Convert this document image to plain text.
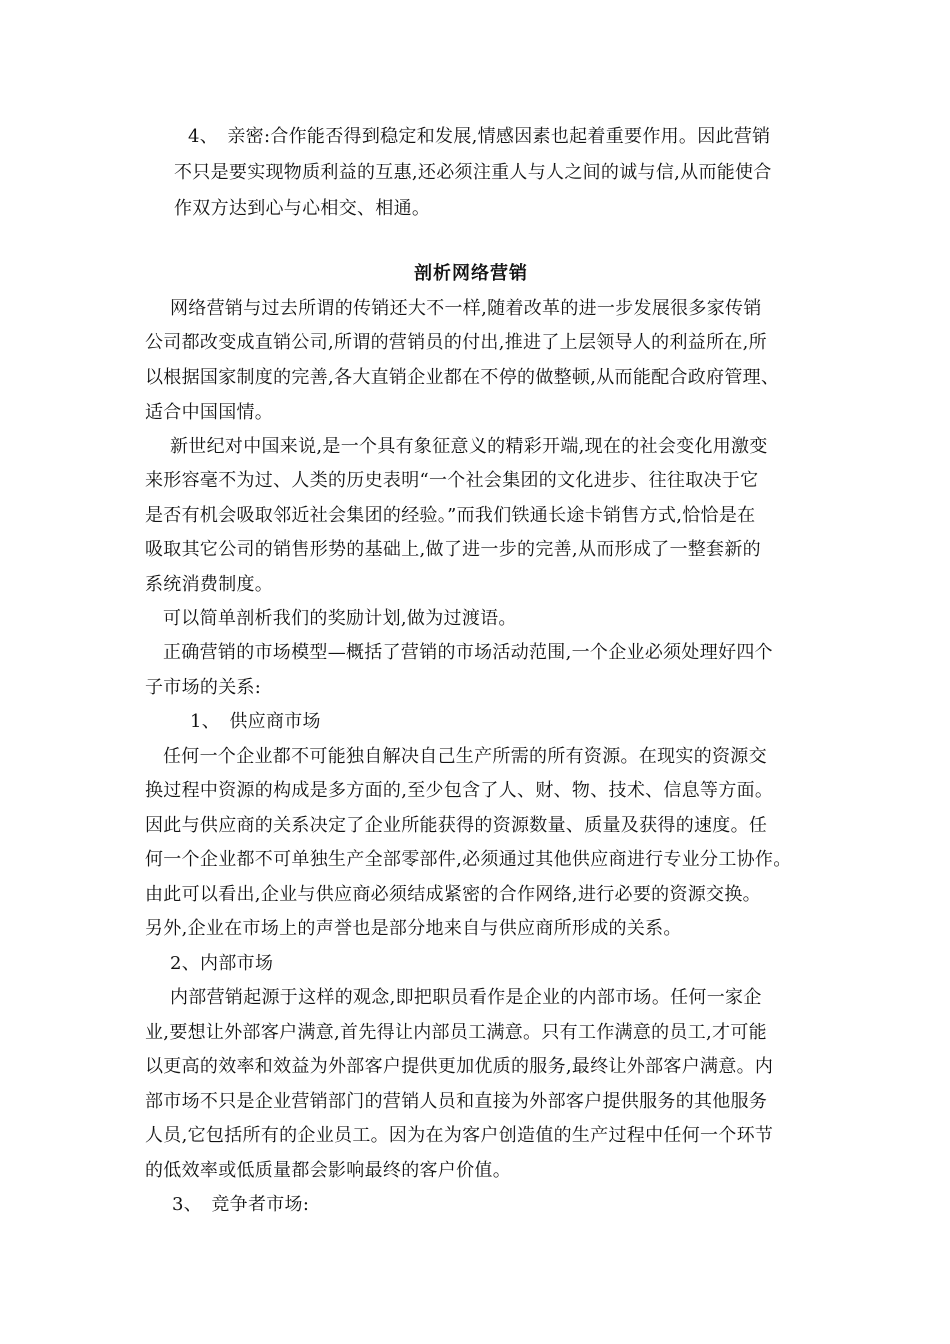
4、　亲密:合作能否得到稳定和发展,情感因素也起着重要作用。因此营销
不只是要实现物质利益的互惠,还必须注重人与人之间的诚与信,从而能使合
作双方达到心与心相交、相通。
剖析网络营销
网络营销与过去所谓的传销还大不一样,随着改革的进一步发展很多家传销
公司都改变成直销公司,所谓的营销员的付出,推进了上层领导人的利益所在,所
以根据国家制度的完善,各大直销企业都在不停的做整顿,从而能配合政府管理、
适合中国国情。
新世纪对中国来说,是一个具有象征意义的精彩开端,现在的社会变化用激变
来形容毫不为过、人类的历史表明“一个社会集团的文化进步、往往取决于它
是否有机会吸取邻近社会集团的经验。”而我们铁通长途卡销售方式,恰恰是在
吸取其它公司的销售形势的基础上,做了进一步的完善,从而形成了一整套新的
系统消费制度。
可以简单剖析我们的奖励计划,做为过渡语。
正确营销的市场模型—概括了营销的市场活动范围,一个企业必须处理好四个
子市场的关系:
1、　供应商市场
任何一个企业都不可能独自解决自己生产所需的所有资源。在现实的资源交
换过程中资源的构成是多方面的,至少包含了人、财、物、技术、信息等方面。
因此与供应商的关系决定了企业所能获得的资源数量、质量及获得的速度。任
何一个企业都不可单独生产全部零部件,必须通过其他供应商进行专业分工协作。
由此可以看出,企业与供应商必须结成紧密的合作网络,进行必要的资源交换。
另外,企业在市场上的声誉也是部分地来自与供应商所形成的关系。
2、内部市场
内部营销起源于这样的观念,即把职员看作是企业的内部市场。任何一家企
业,要想让外部客户满意,首先得让内部员工满意。只有工作满意的员工,才可能
以更高的效率和效益为外部客户提供更加优质的服务,最终让外部客户满意。内
部市场不只是企业营销部门的营销人员和直接为外部客户提供服务的其他服务
人员,它包括所有的企业员工。因为在为客户创造值的生产过程中任何一个环节
的低效率或低质量都会影响最终的客户价值。
3、　竞争者市场:
